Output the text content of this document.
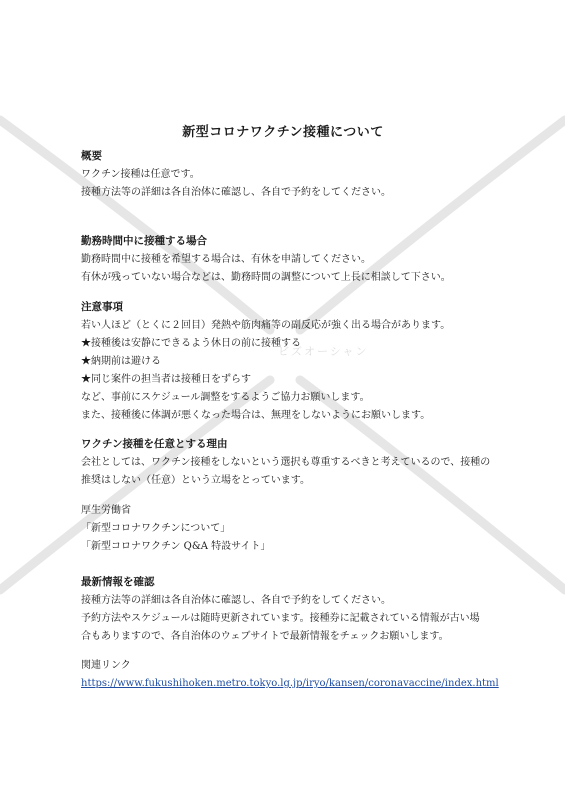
ビズオーシャン
新型コロナワクチン接種について
概要
ワクチン接種は任意です。
接種方法等の詳細は各自治体に確認し、各自で予約をしてください。
勤務時間中に接種する場合
勤務時間中に接種を希望する場合は、有休を申請してください。
有休が残っていない場合などは、勤務時間の調整について上長に相談して下さい。
注意事項
若い人ほど（とくに２回目）発熱や筋肉痛等の副反応が強く出る場合があります。
★接種後は安静にできるよう休日の前に接種する
★納期前は避ける
★同じ案件の担当者は接種日をずらす
など、事前にスケジュール調整をするようご協力お願いします。
また、接種後に体調が悪くなった場合は、無理をしないようにお願いします。
ワクチン接種を任意とする理由
会社としては、ワクチン接種をしないという選択も尊重するべきと考えているので、接種の
推奨はしない（任意）という立場をとっています。
厚生労働省
「新型コロナワクチンについて」
「新型コロナワクチン Q&A 特設サイト」
最新情報を確認
接種方法等の詳細は各自治体に確認し、各自で予約をしてください。
予約方法やスケジュールは随時更新されています。接種券に記載されている情報が古い場
合もありますので、各自治体のウェブサイトで最新情報をチェックお願いします。
関連リンク
https://www.fukushihoken.metro.tokyo.lg.jp/iryo/kansen/coronavaccine/index.html
